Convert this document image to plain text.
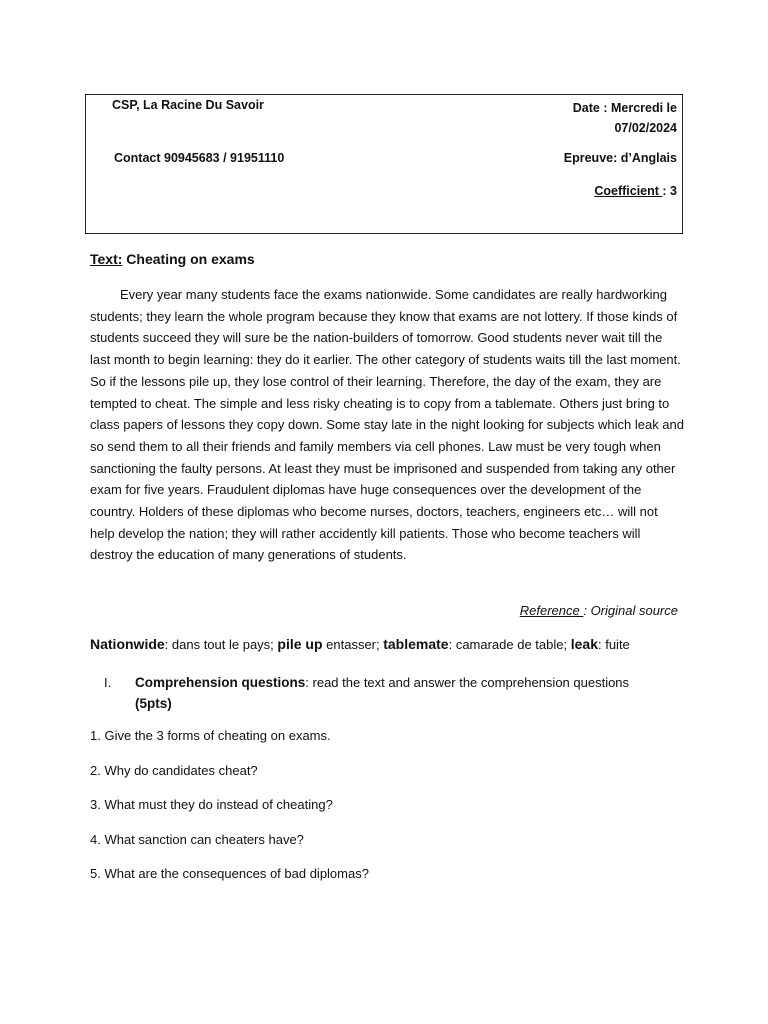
CSP, La Racine Du Savoir
Contact 90945683 / 91951110
Date : Mercredi le
07/02/2024
Epreuve: d’Anglais
Coefficient : 3
Text: Cheating on exams

Every year many students face the exams nationwide. Some candidates are really hardworking students; they learn the whole program because they know that exams are not lottery. If those kinds of students succeed they will sure be the nation-builders of tomorrow. Good students never wait till the last month to begin learning: they do it earlier. The other category of students waits till the last moment. So if the lessons pile up, they lose control of their learning. Therefore, the day of the exam, they are tempted to cheat. The simple and less risky cheating is to copy from a tablemate. Others just bring to class papers of lessons they copy down. Some stay late in the night looking for subjects which leak and so send them to all their friends and family members via cell phones. Law must be very tough when sanctioning the faulty persons. At least they must be imprisoned and suspended from taking any other exam for five years. Fraudulent diplomas have huge consequences over the development of the country. Holders of these diplomas who become nurses, doctors, teachers, engineers etc… will not help develop the nation; they will rather accidently kill patients. Those who become teachers will destroy the education of many generations of students.

Reference : Original source
Nationwide: dans tout le pays; pile up entasser; tablemate: camarade de table; leak: fuite
I. Comprehension questions: read the text and answer the comprehension questions
(5pts)
1. Give the 3 forms of cheating on exams.
2. Why do candidates cheat?
3. What must they do instead of cheating?
4. What sanction can cheaters have?
5. What are the consequences of bad diplomas?
